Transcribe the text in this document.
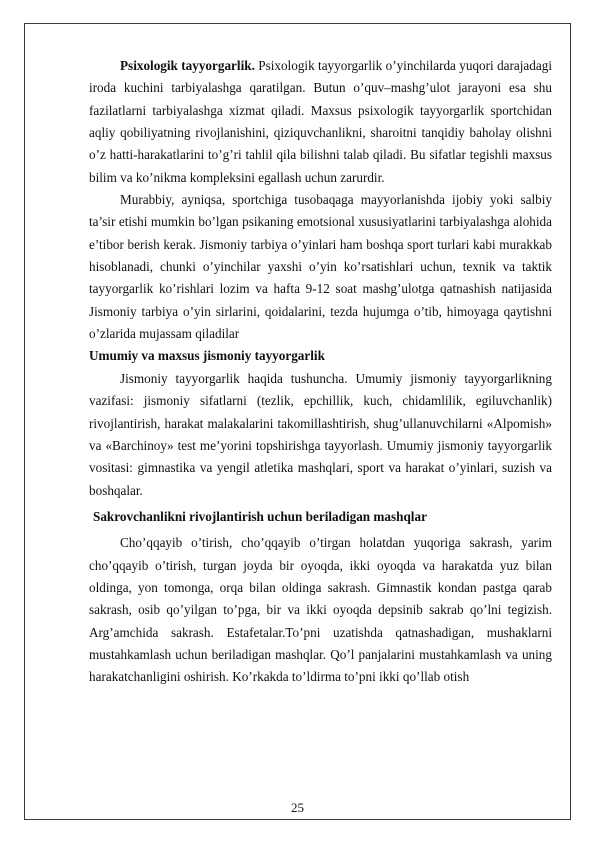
Psixologik tayyorgarlik. Psixologik tayyorgarlik o’yinchilarda yuqori darajadagi iroda kuchini tarbiyalashga qaratilgan. Butun o’quv–mashg’ulot jarayoni esa shu fazilatlarni tarbiyalashga xizmat qiladi. Maxsus psixologik tayyorgarlik sportchidan aqliy qobiliyatning rivojlanishini, qiziquvchanlikni, sharoitni tanqidiy baholay olishni o’z hatti-harakatlarini to’g’ri tahlil qila bilishni talab qiladi. Bu sifatlar tegishli maxsus bilim va ko’nikma kompleksini egallash uchun zarurdir.

Murabbiy, ayniqsa, sportchiga tusobaqaga mayyorlanishda ijobiy yoki salbiy ta’sir etishi mumkin bo’lgan psikaning emotsional xususiyatlarini tarbiyalashga alohida e’tibor berish kerak. Jismoniy tarbiya o’yinlari ham boshqa sport turlari kabi murakkab hisoblanadi, chunki o’yinchilar yaxshi o’yin ko’rsatishlari uchun, texnik va taktik tayyorgarlik ko’rishlari lozim va hafta 9-12 soat mashg’ulotga qatnashish natijasida Jismoniy tarbiya o’yin sirlarini, qoidalarini, tezda hujumga o’tib, himoyaga qaytishni o’zlarida mujassam qiladilar

Umumiy va maxsus jismoniy tayyorgarlik

Jismoniy tayyorgarlik haqida tushuncha. Umumiy jismoniy tayyorgarlikning vazifasi: jismoniy sifatlarni (tezlik, epchillik, kuch, chidamlilik, egiluvchanlik) rivojlantirish, harakat malakalarini takomillashtirish, shug’ullanuvchilarni «Alpomish» va «Barchinoy» test me’yorini topshirishga tayyorlash. Umumiy jismoniy tayyorgarlik vositasi: gimnastika va yengil atletika mashqlari, sport va harakat o’yinlari, suzish va boshqalar.

Sakrovchanlikni rivojlantirish uchun beriladigan mashqlar

Cho’qqayib o’tirish, cho’qqayib o’tirgan holatdan yuqoriga sakrash, yarim cho’qqayib o’tirish, turgan joyda bir oyoqda, ikki oyoqda va harakatda yuz bilan oldinga, yon tomonga, orqa bilan oldinga sakrash. Gimnastik kondan pastga qarab sakrash, osib qo’yilgan to’pga, bir va ikki oyoqda depsinib sakrab qo’lni tegizish. Arg’amchida sakrash. Estafetalar.To’pni uzatishda qatnashadigan, mushaklarni mustahkamlash uchun beriladigan mashqlar. Qo’l panjalarini mustahkamlash va uning harakatchanligini oshirish. Ko’rkakda to’ldirma to’pni ikki qo’llab otish

25
